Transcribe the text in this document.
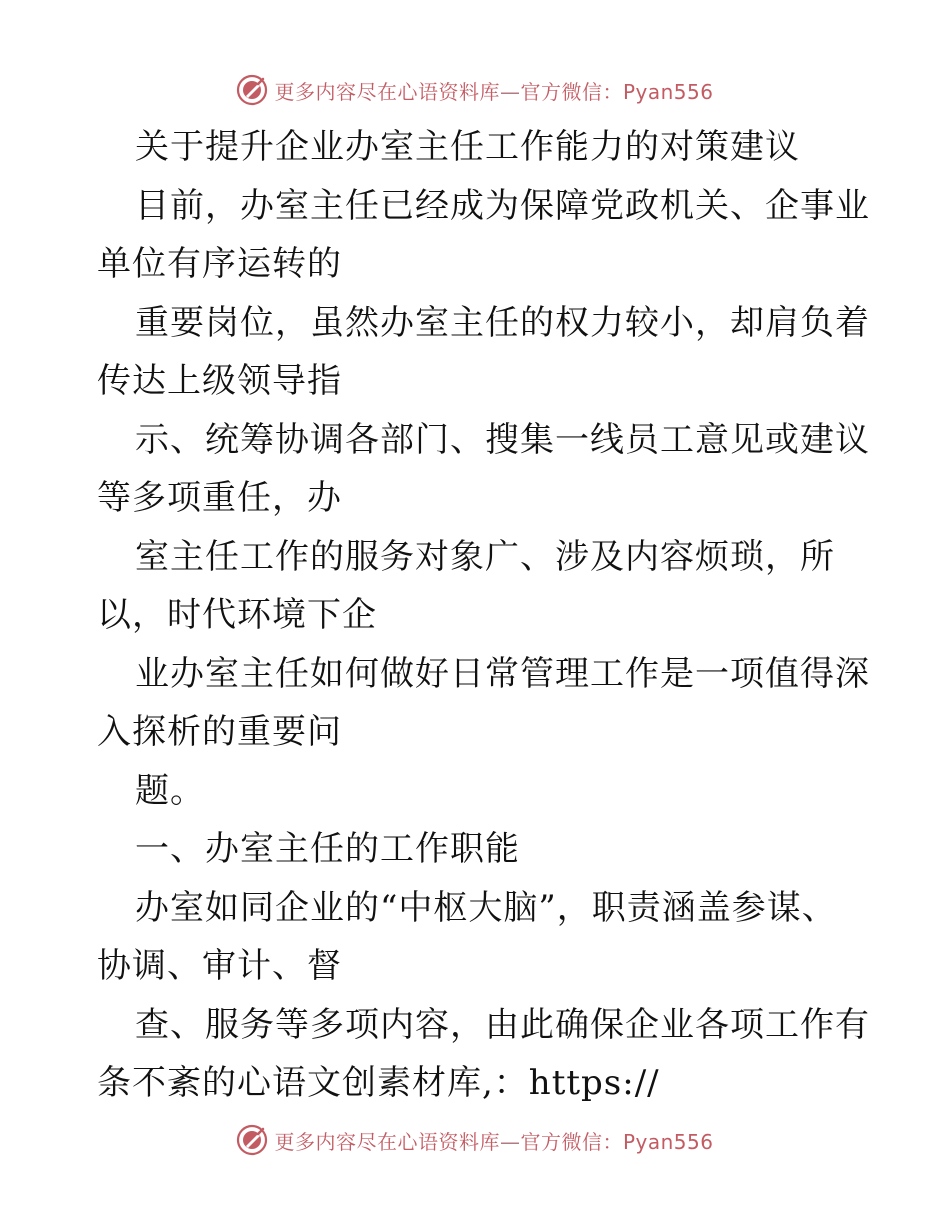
更多内容尽在心语资料库—官方微信：Pyan556
关于提升企业办室主任工作能力的对策建议
目前，办室主任已经成为保障党政机关、企事业
单位有序运转的
重要岗位，虽然办室主任的权力较小，却肩负着
传达上级领导指
示、统筹协调各部门、搜集一线员工意见或建议
等多项重任，办
室主任工作的服务对象广、涉及内容烦琐，所
以，时代环境下企
业办室主任如何做好日常管理工作是一项值得深
入探析的重要问
题。
一、办室主任的工作职能
办室如同企业的“中枢大脑”，职责涵盖参谋、
协调、审计、督
查、服务等多项内容，由此确保企业各项工作有
条不紊的心语文创素材库,：https://
更多内容尽在心语资料库—官方微信：Pyan556
